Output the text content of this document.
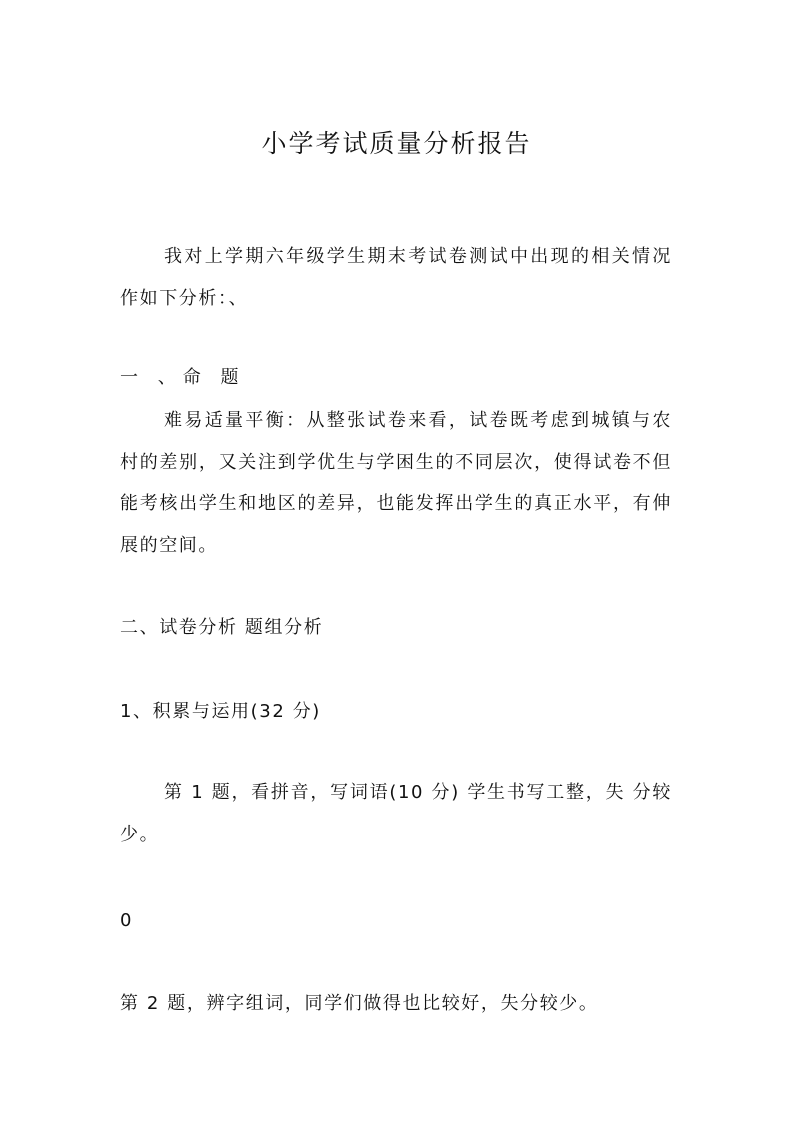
小学考试质量分析报告
我对上学期六年级学生期末考试卷测试中出现的相关情况作如下分析：、
一 、命 题
难易适量平衡：从整张试卷来看，试卷既考虑到城镇与农村的差别，又关注到学优生与学困生的不同层次，使得试卷不但能考核出学生和地区的差异，也能发挥出学生的真正水平，有伸展的空间。
二、试卷分析 题组分析
1、积累与运用(32 分)
第 1 题，看拼音，写词语(10 分) 学生书写工整，失 分较少。
0
第 2 题，辨字组词，同学们做得也比较好，失分较少。
